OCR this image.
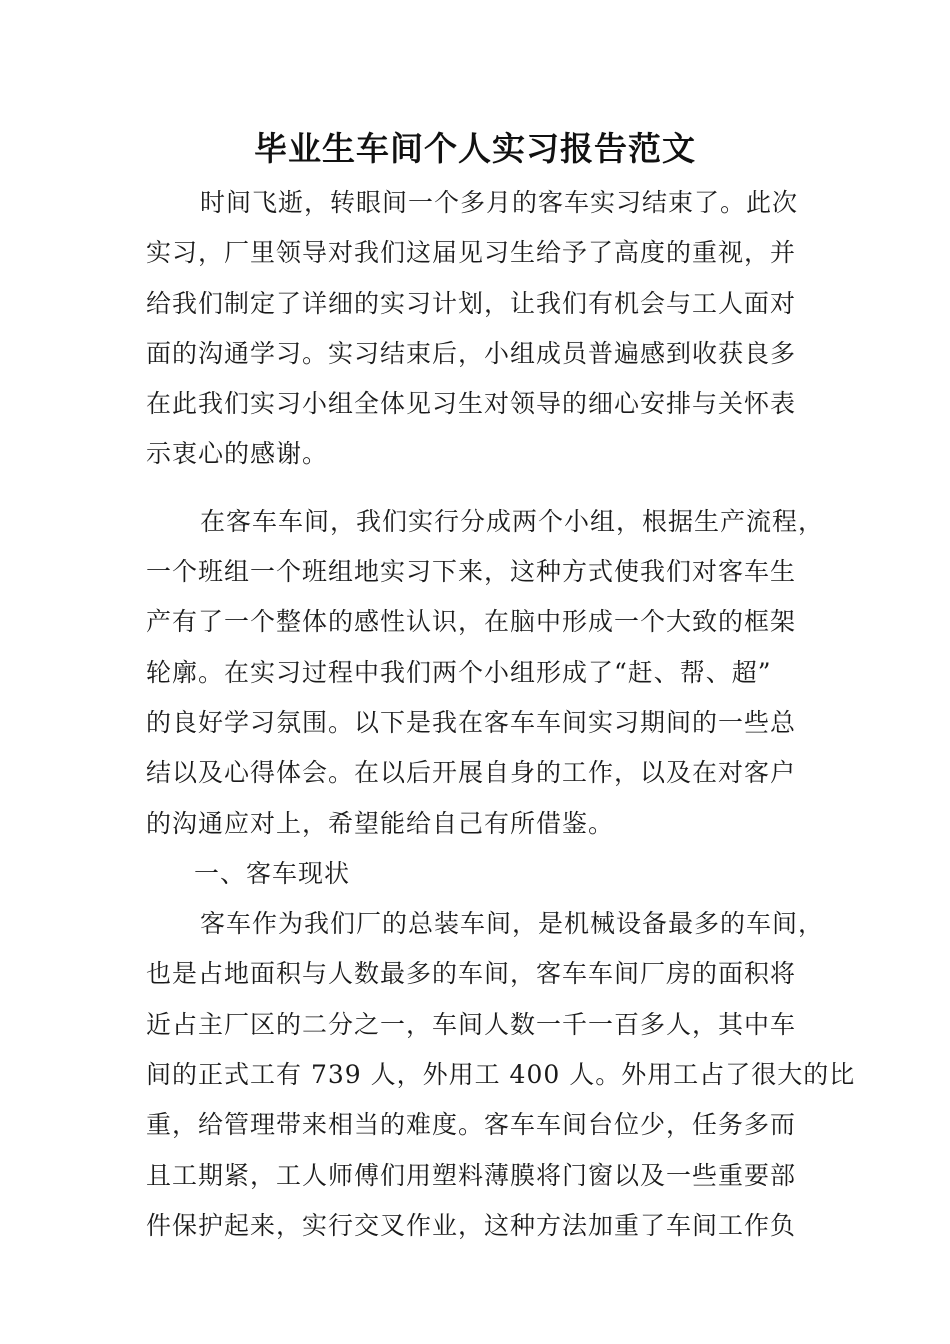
毕业生车间个人实习报告范文
时间飞逝，转眼间一个多月的客车实习结束了。此次
实习，厂里领导对我们这届见习生给予了高度的重视，并
给我们制定了详细的实习计划，让我们有机会与工人面对
面的沟通学习。实习结束后，小组成员普遍感到收获良多
在此我们实习小组全体见习生对领导的细心安排与关怀表
示衷心的感谢。
在客车车间，我们实行分成两个小组，根据生产流程，
一个班组一个班组地实习下来，这种方式使我们对客车生
产有了一个整体的感性认识，在脑中形成一个大致的框架
轮廓。在实习过程中我们两个小组形成了“赶、帮、超”
的良好学习氛围。以下是我在客车车间实习期间的一些总
结以及心得体会。在以后开展自身的工作，以及在对客户
的沟通应对上，希望能给自己有所借鉴。
一、客车现状
客车作为我们厂的总装车间，是机械设备最多的车间，
也是占地面积与人数最多的车间，客车车间厂房的面积将
近占主厂区的二分之一，车间人数一千一百多人，其中车
间的正式工有 739 人，外用工 400 人。外用工占了很大的比
重，给管理带来相当的难度。客车车间台位少，任务多而
且工期紧，工人师傅们用塑料薄膜将门窗以及一些重要部
件保护起来，实行交叉作业，这种方法加重了车间工作负
